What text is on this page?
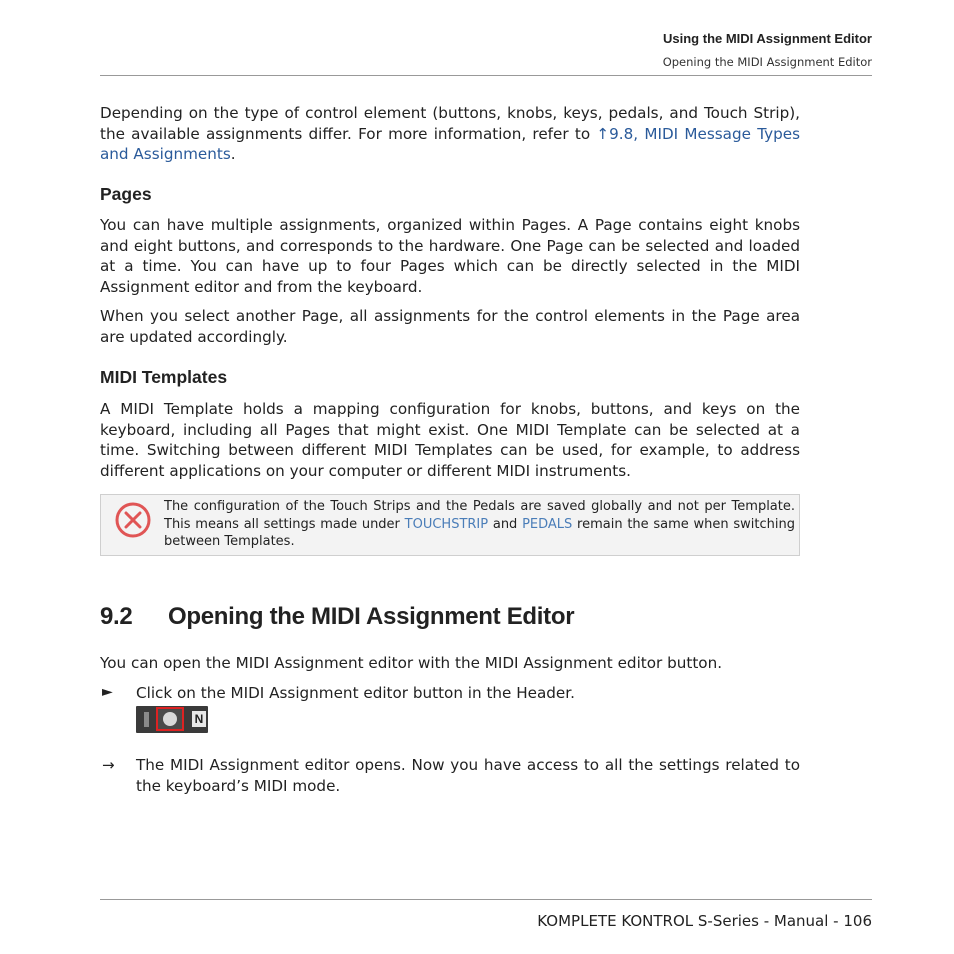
Using the MIDI Assignment Editor
Opening the MIDI Assignment Editor
Depending on the type of control element (buttons, knobs, keys, pedals, and Touch Strip), the available assignments differ. For more information, refer to ↑9.8, MIDI Message Types and Assignments.
Pages
You can have multiple assignments, organized within Pages. A Page contains eight knobs and eight buttons, and corresponds to the hardware. One Page can be selected and loaded at a time. You can have up to four Pages which can be directly selected in the MIDI Assignment editor and from the keyboard.
When you select another Page, all assignments for the control elements in the Page area are updated accordingly.
MIDI Templates
A MIDI Template holds a mapping configuration for knobs, buttons, and keys on the keyboard, including all Pages that might exist. One MIDI Template can be selected at a time. Switching between different MIDI Templates can be used, for example, to address different applications on your computer or different MIDI instruments.
The configuration of the Touch Strips and the Pedals are saved globally and not per Template. This means all settings made under TOUCHSTRIP and PEDALS remain the same when switching between Templates.
9.2 Opening the MIDI Assignment Editor
You can open the MIDI Assignment editor with the MIDI Assignment editor button.
► Click on the MIDI Assignment editor button in the Header.
N
→ The MIDI Assignment editor opens. Now you have access to all the settings related to the keyboard’s MIDI mode.
KOMPLETE KONTROL S-Series - Manual - 106
